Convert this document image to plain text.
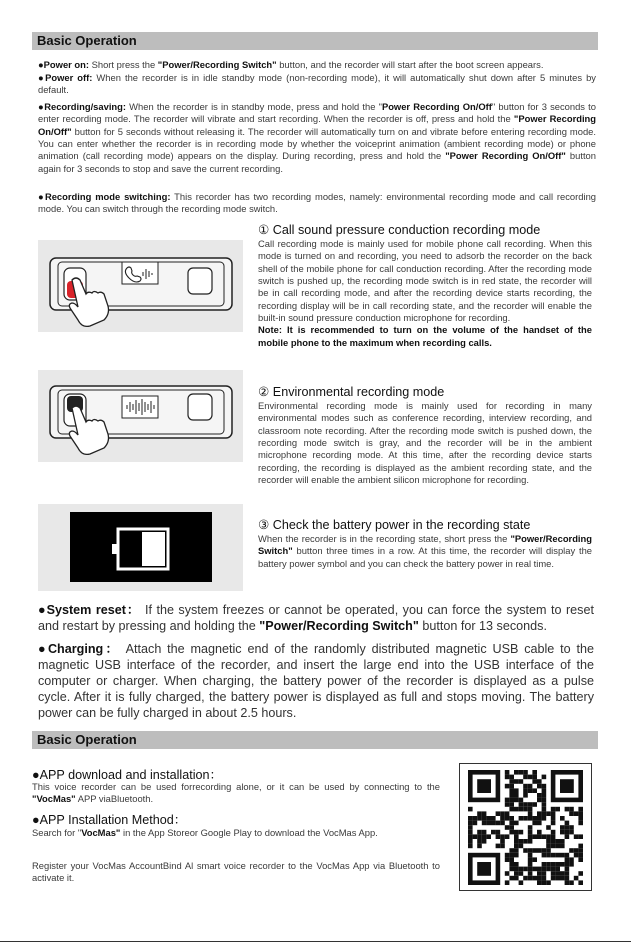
Basic Operation
●Power on: Short press the "Power/Recording Switch" button, and the recorder will start after the boot screen appears.
●Power off: When the recorder is in idle standby mode (non-recording mode), it will automatically shut down after 5 minutes by default.
●Recording/saving: When the recorder is in standby mode, press and hold the "Power Recording On/Off" button for 3 seconds to enter recording mode. The recorder will vibrate and start recording. When the recorder is off, press and hold the "Power Recording On/Off" button for 5 seconds without releasing it. The recorder will automatically turn on and vibrate before entering recording mode. You can enter whether the recorder is in recording mode by whether the voiceprint animation (ambient recording mode) or phone animation (call recording mode) appears on the display. During recording, press and hold the "Power Recording On/Off" button again for 3 seconds to stop and save the current recording.
●Recording mode switching: This recorder has two recording modes, namely: environmental recording mode and call recording mode. You can switch through the recording mode switch.
① Call sound pressure conduction recording mode
Call recording mode is mainly used for mobile phone call recording. When this mode is turned on and recording, you need to adsorb the recorder on the back shell of the mobile phone for call conduction recording. After the recording mode switch is pushed up, the recording mode switch is in red state, the recorder will be in call recording mode, and after the recording device starts recording, the recording display will be in call recording state, and the recorder will enable the built-in sound pressure conduction microphone for recording.
Note: It is recommended to turn on the volume of the handset of the mobile phone to the maximum when recording calls.
② Environmental recording mode
Environmental recording mode is mainly used for recording in many environmental modes such as conference recording, interview recording, and classroom note recording. After the recording mode switch is pushed down, the recording mode switch is gray, and the recorder will be in the ambient microphone recording mode. At this time, after the recording device starts recording, the recording is displayed as the ambient recording state, and the recorder will enable the ambient silicon microphone for recording.
③ Check the battery power in the recording state
When the recorder is in the recording state, short press the "Power/Recording Switch" button three times in a row. At this time, the recorder will display the battery power symbol and you can check the battery power in real time.
●System reset： If the system freezes or cannot be operated, you can force the system to reset and restart by pressing and holding the "Power/Recording Switch" button for 13 seconds.
●Charging： Attach the magnetic end of the randomly distributed magnetic USB cable to the magnetic USB interface of the recorder, and insert the large end into the USB interface of the computer or charger. When charging, the battery power of the recorder is displayed as a pulse cycle. After it is fully charged, the battery power is displayed as full and stops moving. The battery power can be fully charged in about 2.5 hours.
Basic Operation
●APP download and installation：
This voice recorder can be used forrecording alone, or it can be used by connecting to the "VocMas" APP viaBluetooth.
●APP Installation Method：
Search for "VocMas" in the App Storeor Google Play to download the VocMas App.
Register your VocMas AccountBind Al smart voice recorder to the VocMas App via Bluetooth to activate it.
